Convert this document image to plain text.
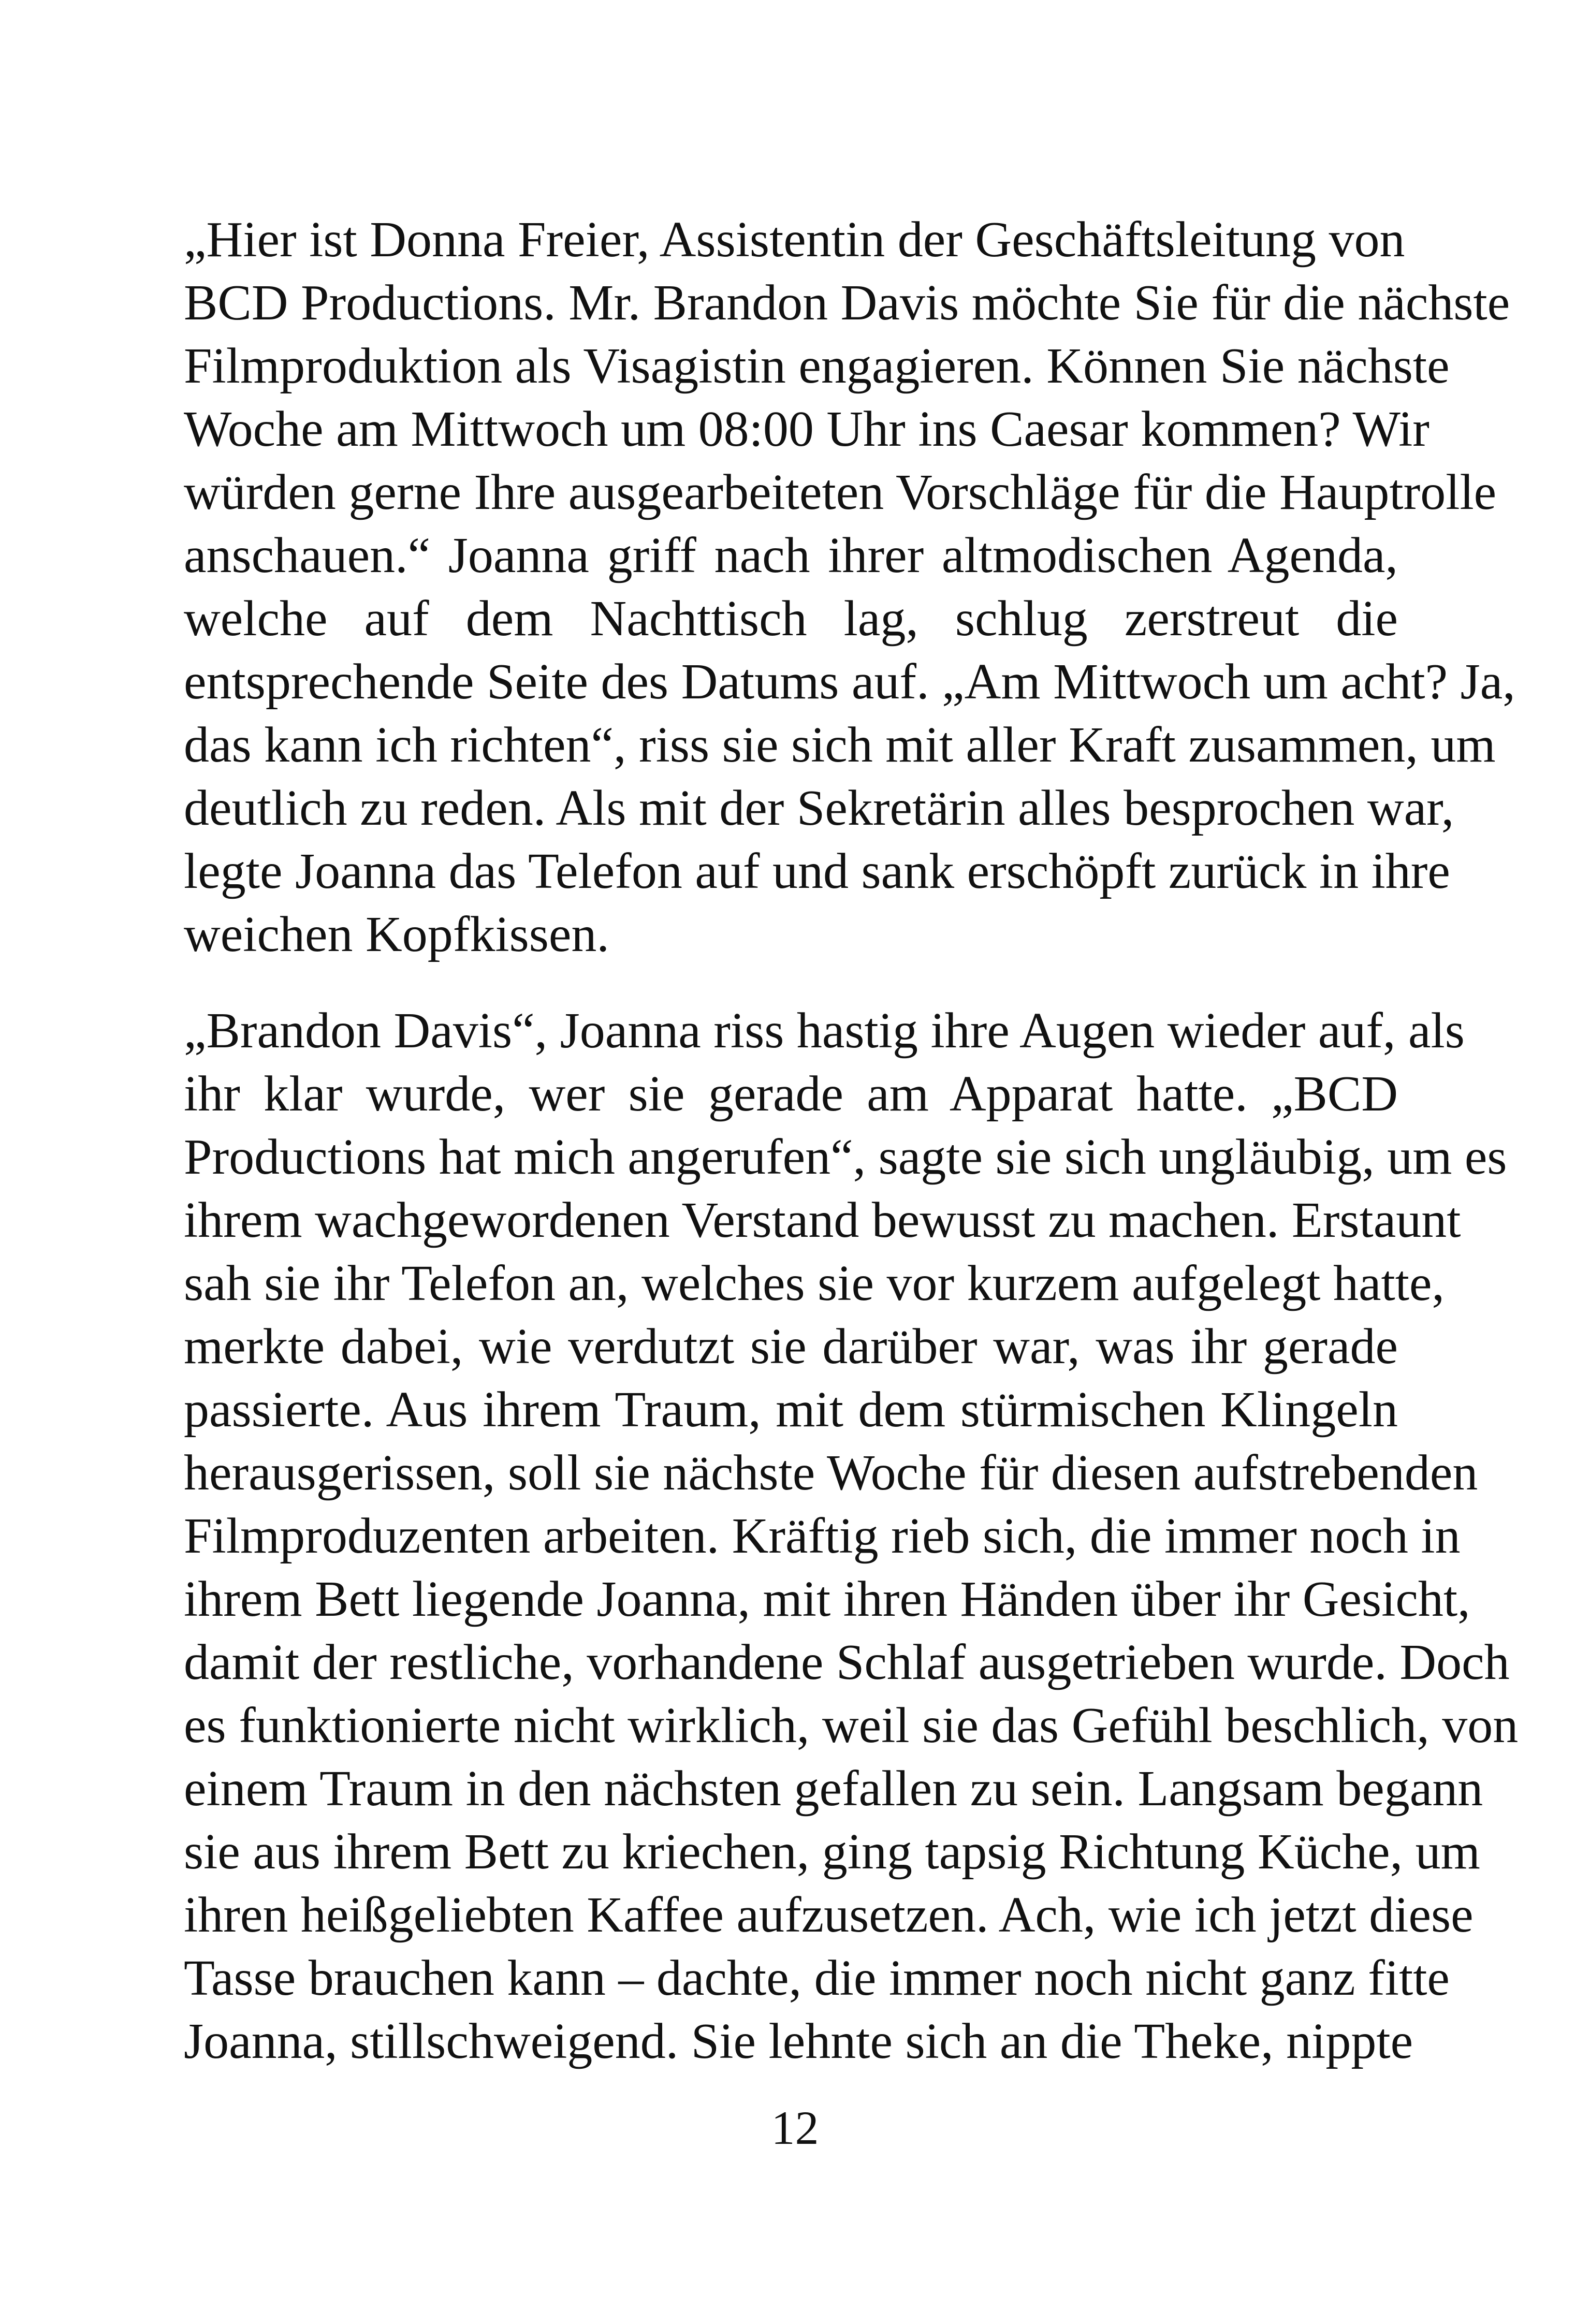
„Hier ist Donna Freier, Assistentin der Geschäftsleitung von
BCD Productions. Mr. Brandon Davis möchte Sie für die nächste
Filmproduktion als Visagistin engagieren. Können Sie nächste
Woche am Mittwoch um 08:00 Uhr ins Caesar kommen? Wir
würden gerne Ihre ausgearbeiteten Vorschläge für die Hauptrolle
anschauen.“ Joanna griff nach ihrer altmodischen Agenda,
welche auf dem Nachttisch lag, schlug zerstreut die
entsprechende Seite des Datums auf. „Am Mittwoch um acht? Ja,
das kann ich richten“, riss sie sich mit aller Kraft zusammen, um
deutlich zu reden. Als mit der Sekretärin alles besprochen war,
legte Joanna das Telefon auf und sank erschöpft zurück in ihre
weichen Kopfkissen.

„Brandon Davis“, Joanna riss hastig ihre Augen wieder auf, als
ihr klar wurde, wer sie gerade am Apparat hatte. „BCD
Productions hat mich angerufen“, sagte sie sich ungläubig, um es
ihrem wachgewordenen Verstand bewusst zu machen. Erstaunt
sah sie ihr Telefon an, welches sie vor kurzem aufgelegt hatte,
merkte dabei, wie verdutzt sie darüber war, was ihr gerade
passierte. Aus ihrem Traum, mit dem stürmischen Klingeln
herausgerissen, soll sie nächste Woche für diesen aufstrebenden
Filmproduzenten arbeiten. Kräftig rieb sich, die immer noch in
ihrem Bett liegende Joanna, mit ihren Händen über ihr Gesicht,
damit der restliche, vorhandene Schlaf ausgetrieben wurde. Doch
es funktionierte nicht wirklich, weil sie das Gefühl beschlich, von
einem Traum in den nächsten gefallen zu sein. Langsam begann
sie aus ihrem Bett zu kriechen, ging tapsig Richtung Küche, um
ihren heißgeliebten Kaffee aufzusetzen. Ach, wie ich jetzt diese
Tasse brauchen kann – dachte, die immer noch nicht ganz fitte
Joanna, stillschweigend. Sie lehnte sich an die Theke, nippte

12
